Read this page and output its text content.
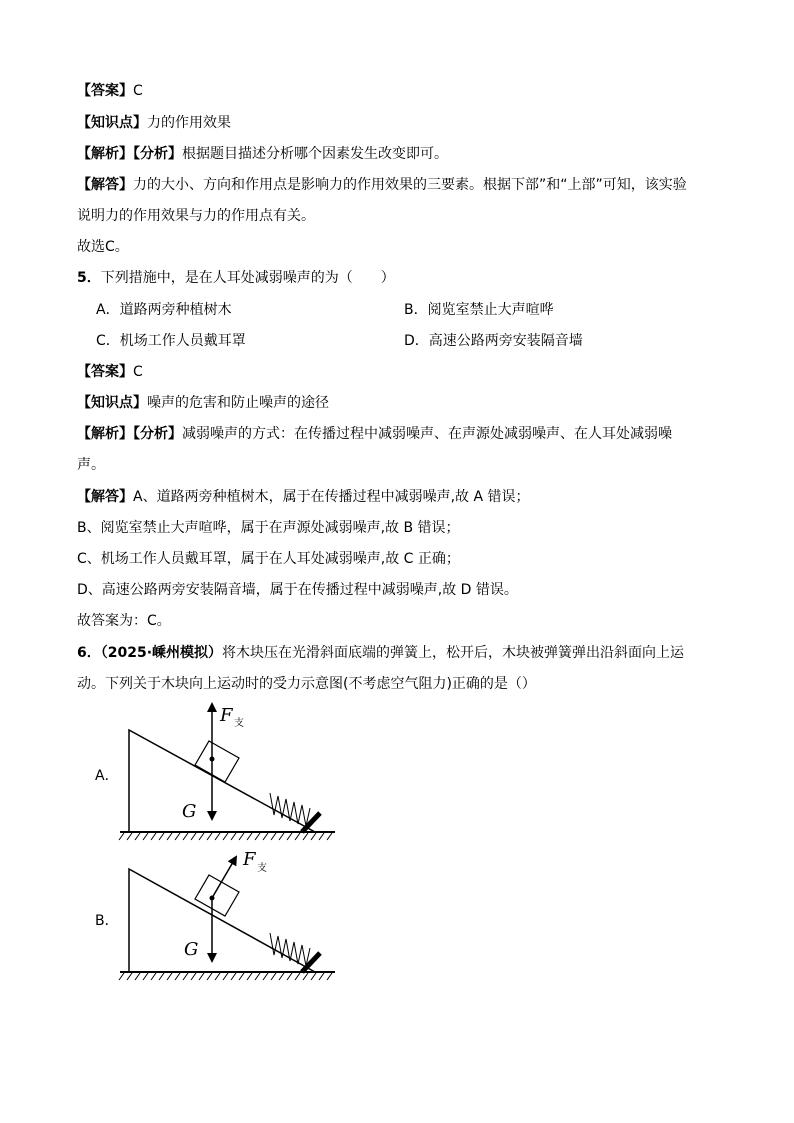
【答案】C
【知识点】力的作用效果
【解析】【分析】根据题目描述分析哪个因素发生改变即可。
【解答】力的大小、方向和作用点是影响力的作用效果的三要素。根据下部”和“上部”可知，该实验
说明力的作用效果与力的作用点有关。
故选C。
5．下列措施中，是在人耳处减弱噪声的为（　　）
A．道路两旁种植树木	B．阅览室禁止大声喧哗
C．机场工作人员戴耳罩	D．高速公路两旁安装隔音墙
【答案】C
【知识点】噪声的危害和防止噪声的途径
【解析】【分析】减弱噪声的方式：在传播过程中减弱噪声、在声源处减弱噪声、在人耳处减弱噪
声。
【解答】A、道路两旁种植树木，属于在传播过程中减弱噪声,故 A 错误；
B、阅览室禁止大声喧哗，属于在声源处减弱噪声,故 B 错误；
C、机场工作人员戴耳罩，属于在人耳处减弱噪声,故 C 正确；
D、高速公路两旁安装隔音墙，属于在传播过程中减弱噪声,故 D 错误。
故答案为：C。
6．（2025·嵊州模拟）将木块压在光滑斜面底端的弹簧上，松开后，木块被弹簧弹出沿斜面向上运
动。下列关于木块向上运动时的受力示意图(不考虑空气阻力)正确的是（）
A．
F 支
G
B．
F 支
G
